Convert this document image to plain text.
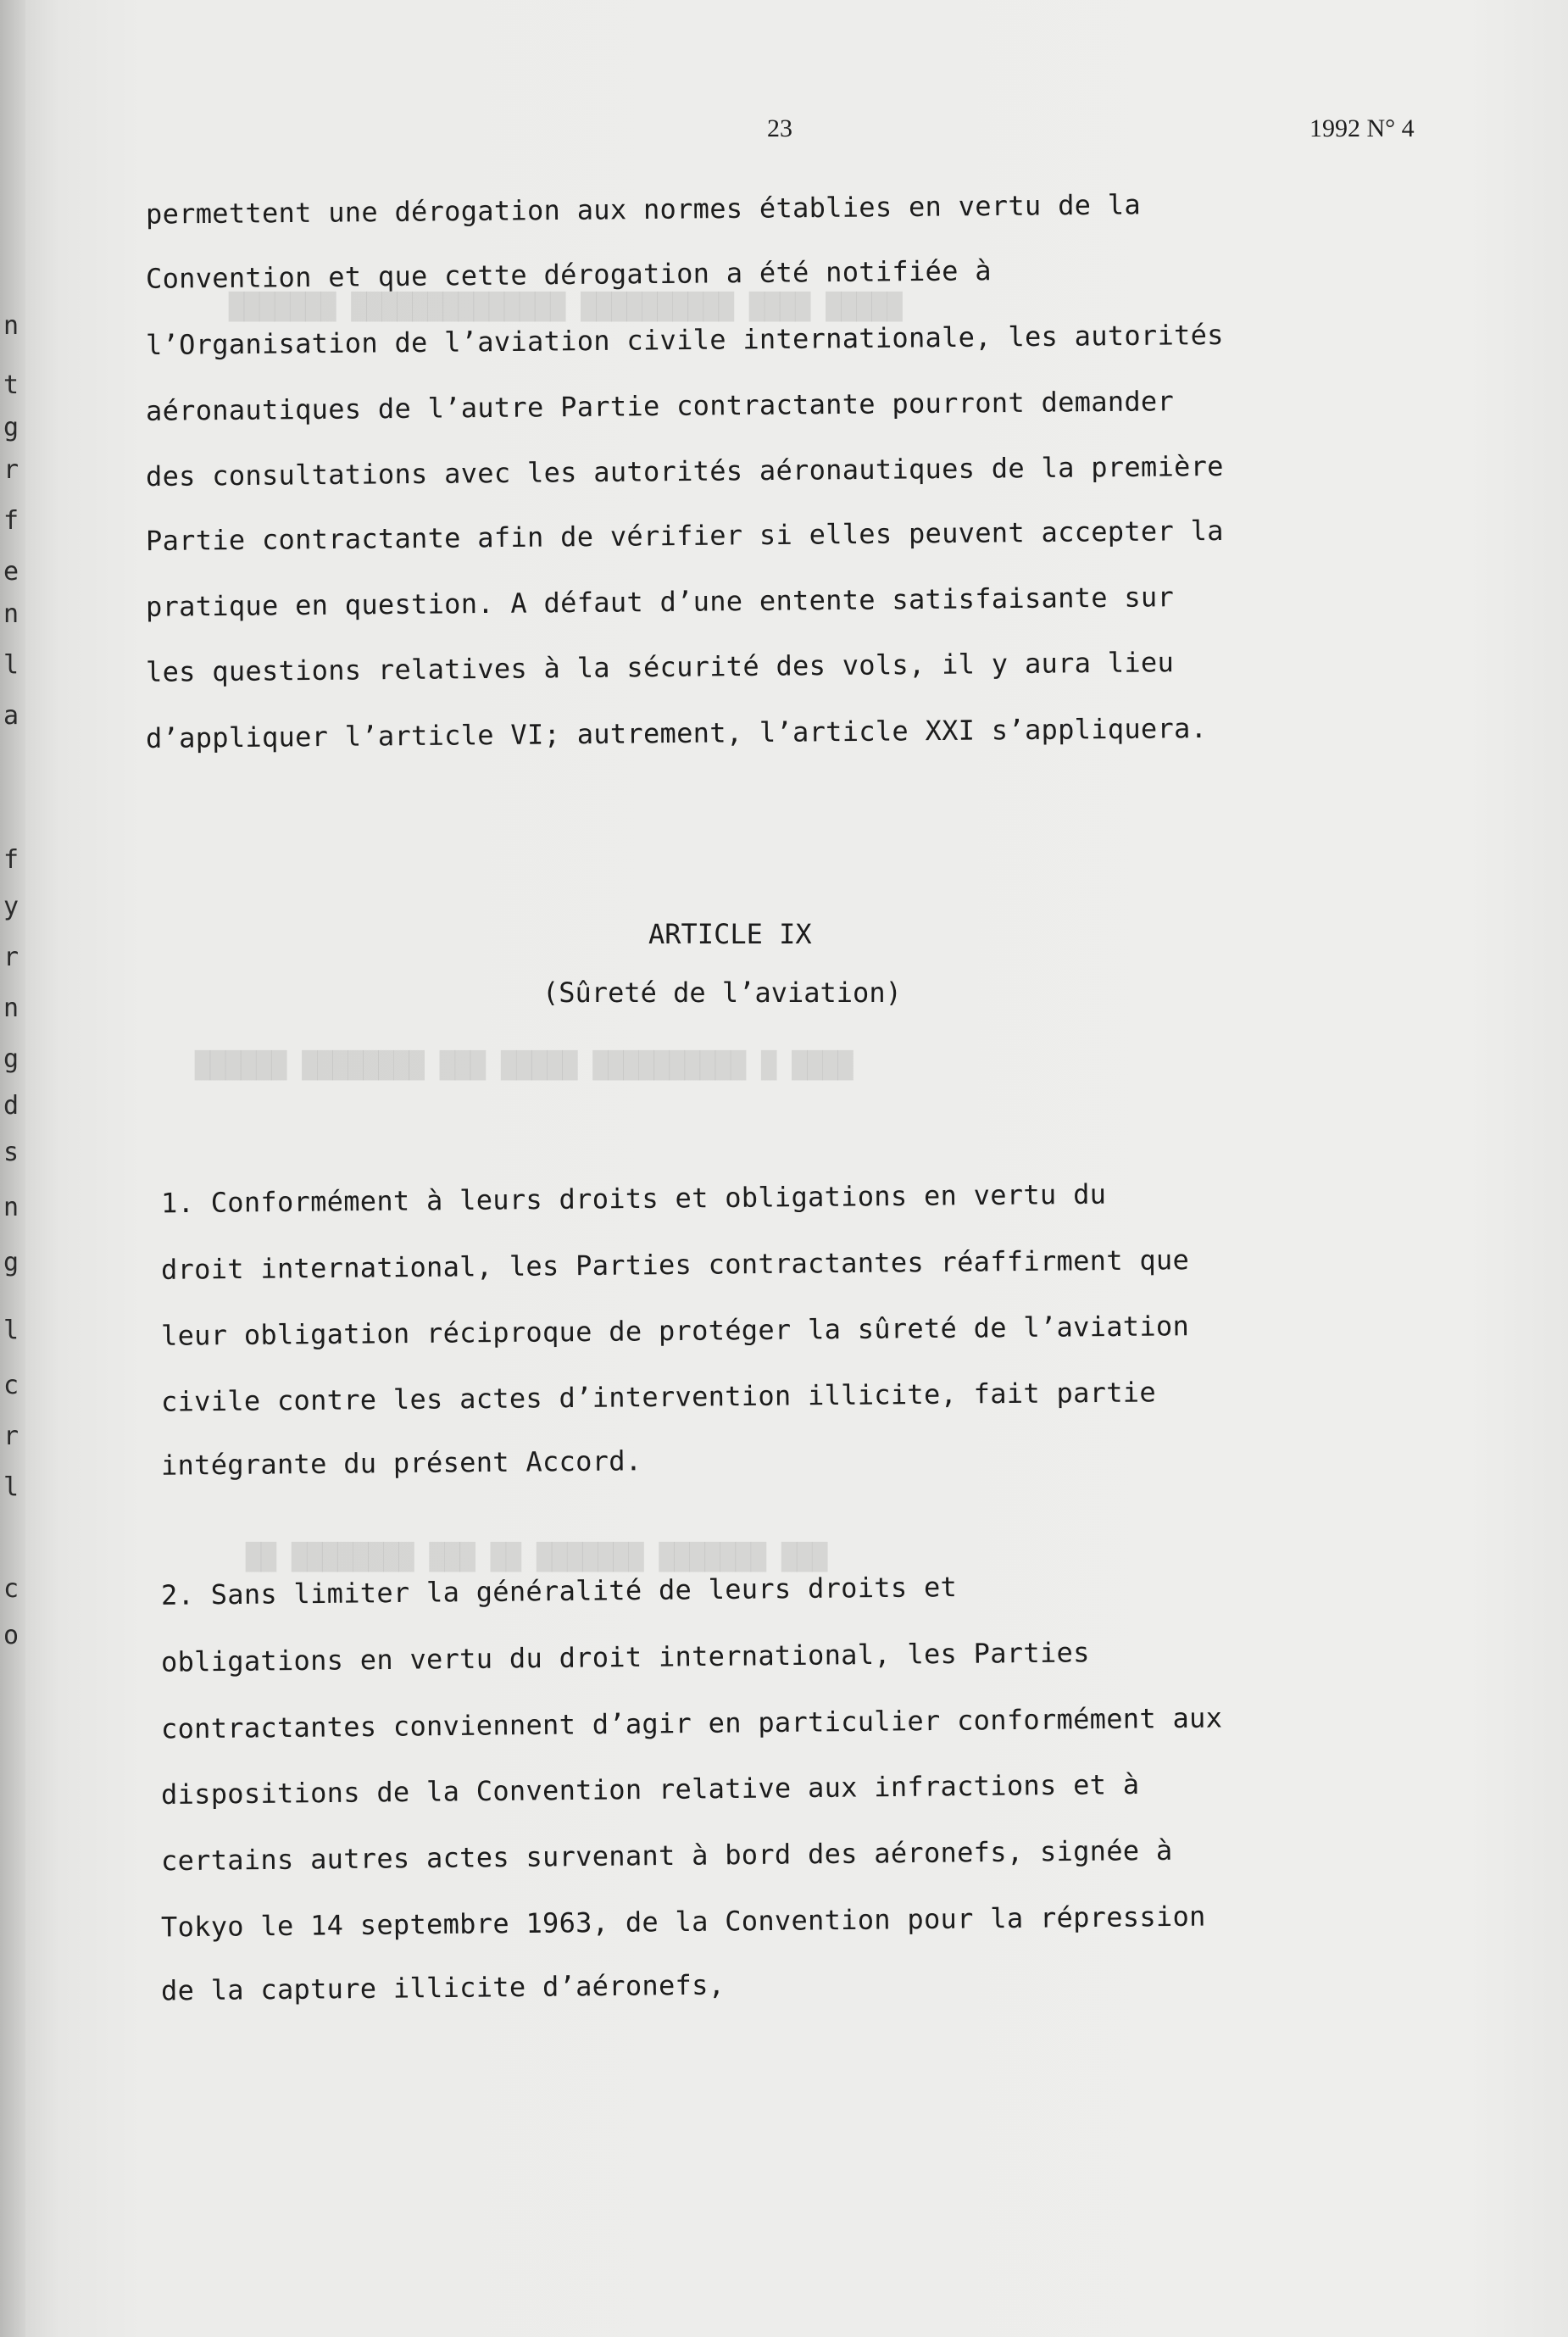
n
t
g
r
f
e
n
l
a
f
y
r
n
g
d
s
n
g
l
c
r
l
c
o
█████ ████ ██████████ ██████████████ ███████
████ █ ██████████ █████ ███ ████████ ██████
███ ███████ ███████ ██ ███ ████████ ██
23	1992 N° 4
permettent une dérogation aux normes établies en vertu de la
Convention et que cette dérogation a été notifiée à
l’Organisation de l’aviation civile internationale, les autorités
aéronautiques de l’autre Partie contractante pourront demander
des consultations avec les autorités aéronautiques de la première
Partie contractante afin de vérifier si elles peuvent accepter la
pratique en question. A défaut d’une entente satisfaisante sur
les questions relatives à la sécurité des vols, il y aura lieu
d’appliquer l’article VI; autrement, l’article XXI s’appliquera.
ARTICLE IX
(Sûreté de l’aviation)
1. Conformément à leurs droits et obligations en vertu du
droit international, les Parties contractantes réaffirment que
leur obligation réciproque de protéger la sûreté de l’aviation
civile contre les actes d’intervention illicite, fait partie
intégrante du présent Accord.
2. Sans limiter la généralité de leurs droits et
obligations en vertu du droit international, les Parties
contractantes conviennent d’agir en particulier conformément aux
dispositions de la Convention relative aux infractions et à
certains autres actes survenant à bord des aéronefs, signée à
Tokyo le 14 septembre 1963, de la Convention pour la répression
de la capture illicite d’aéronefs,
